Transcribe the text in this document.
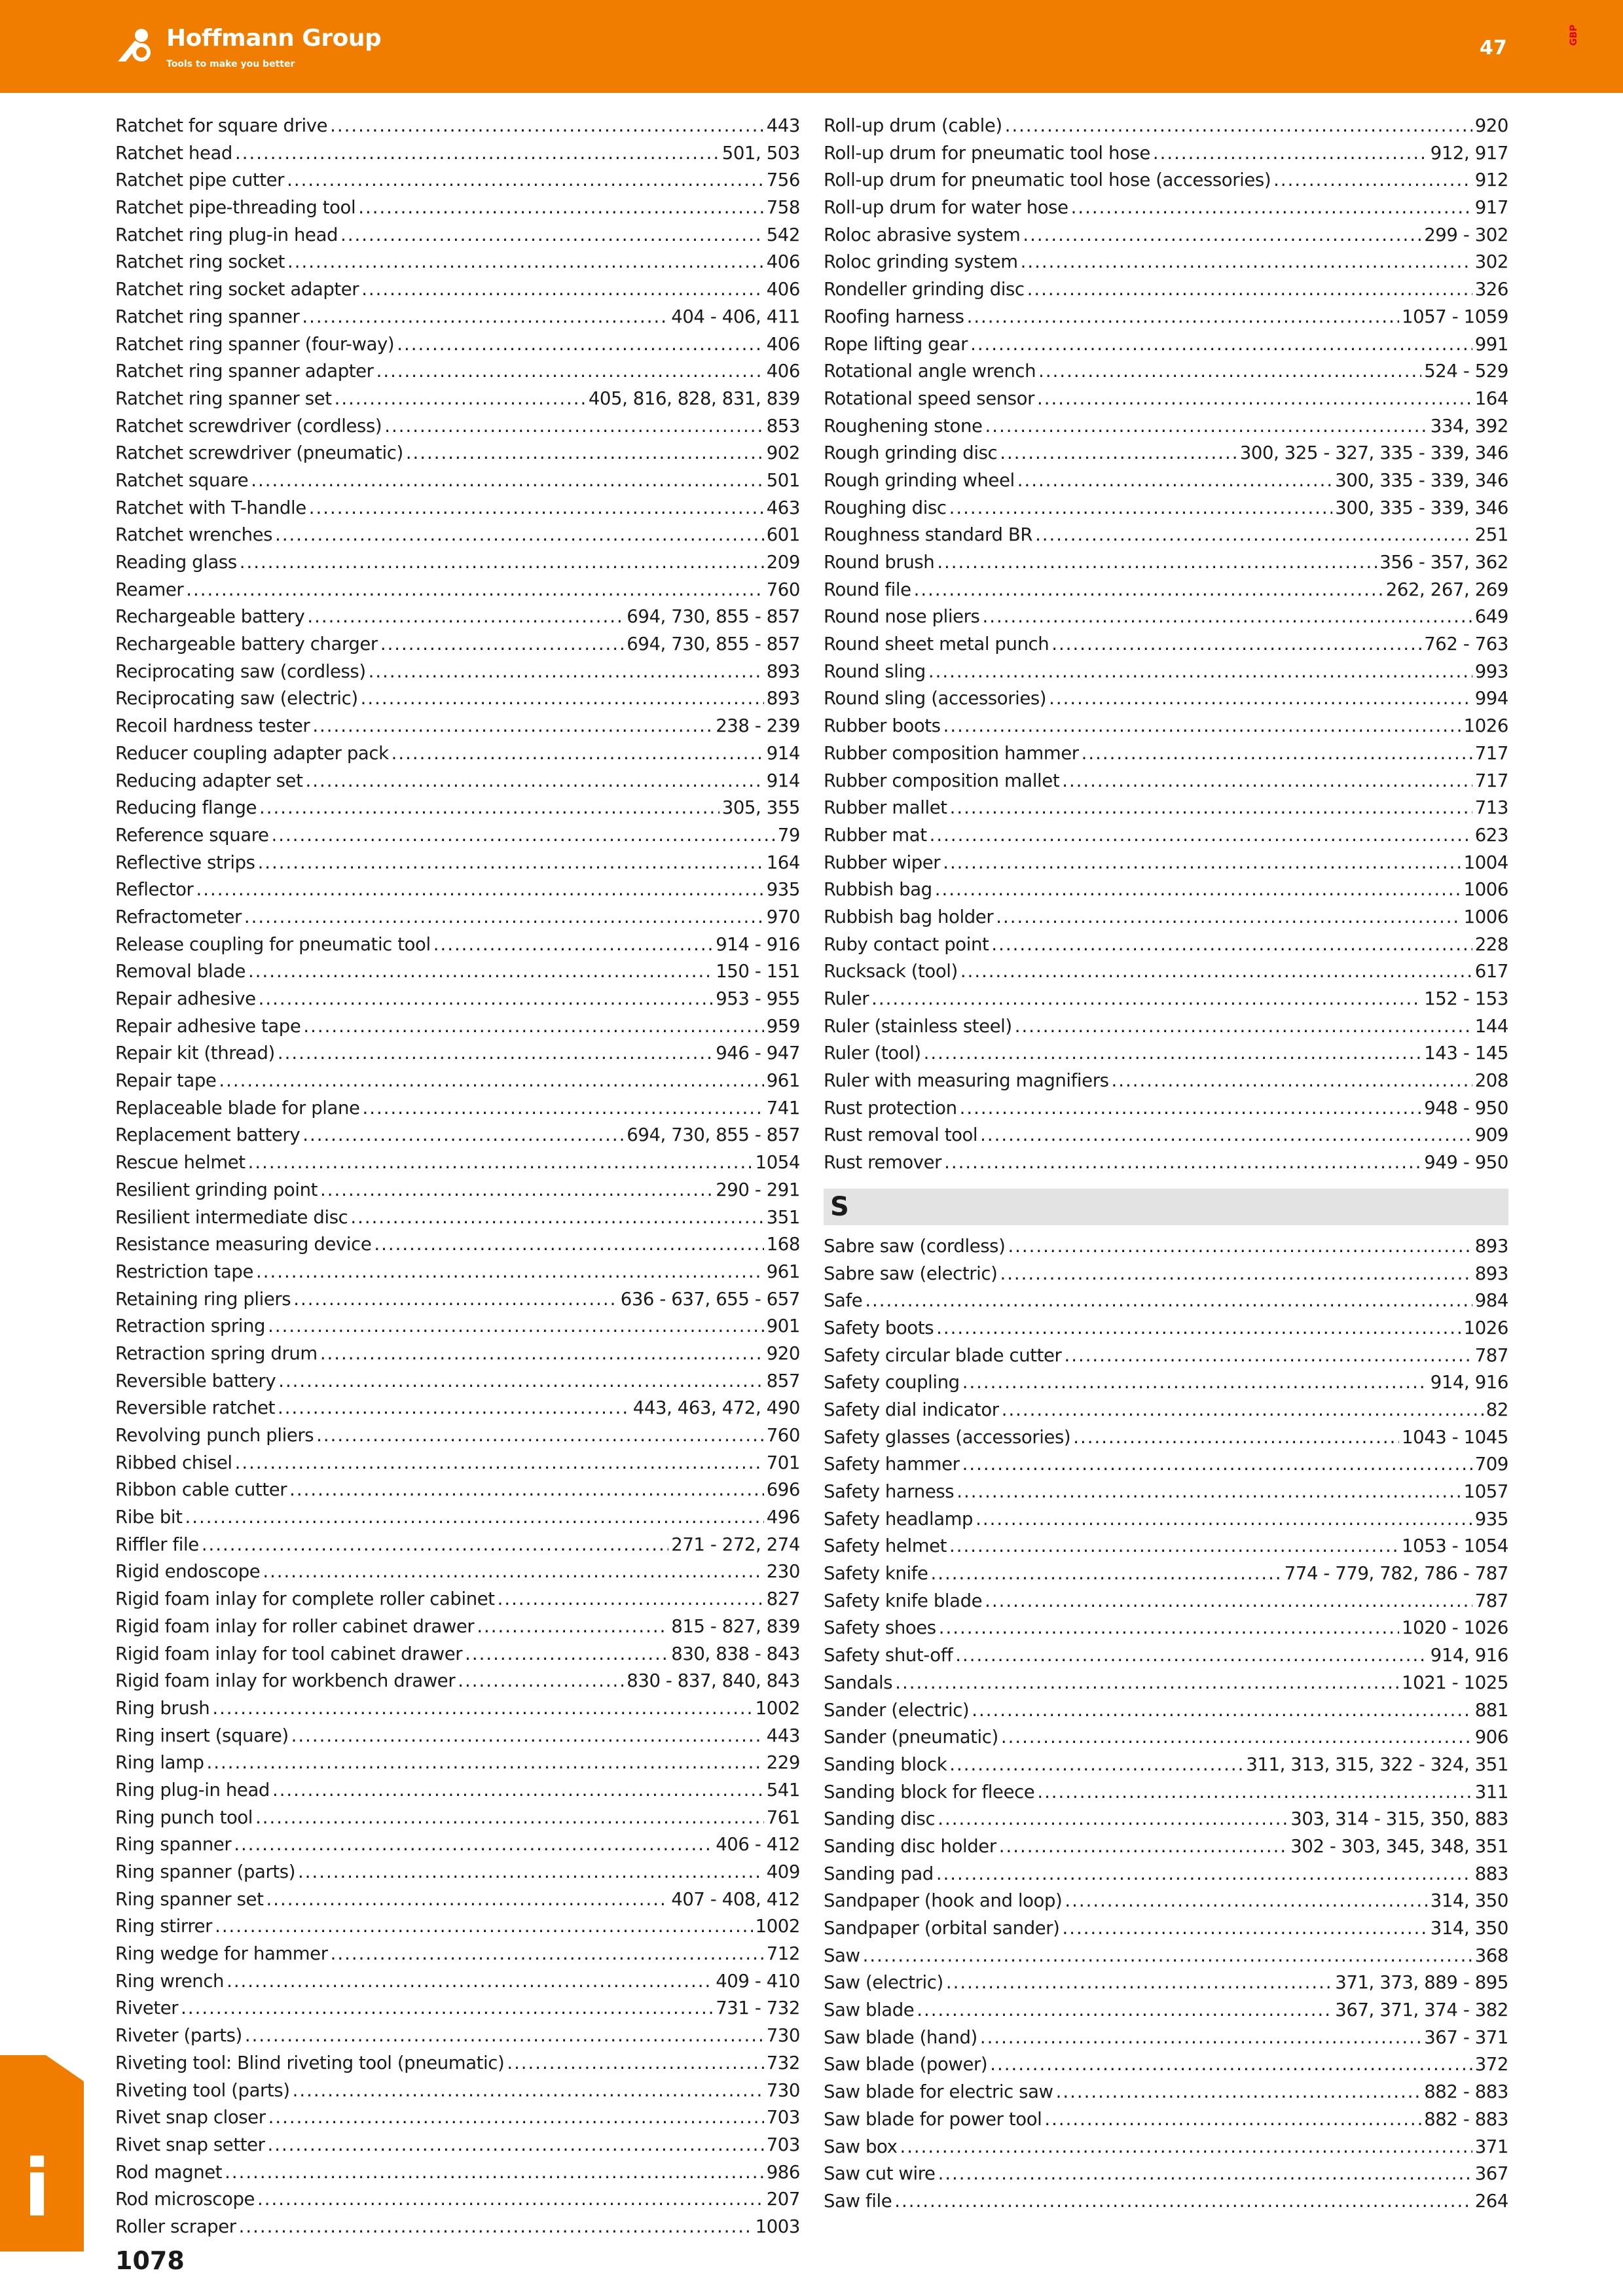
Hoffmann Group
Tools to make you better
47
GBP
Ratchet for square drive .....	443
Ratchet head .....	501, 503
Ratchet pipe cutter .....	756
Ratchet pipe-threading tool .....	758
Ratchet ring plug-in head .....	542
Ratchet ring socket .....	406
Ratchet ring socket adapter .....	406
Ratchet ring spanner .....	404 - 406, 411
Ratchet ring spanner (four-way) .....	406
Ratchet ring spanner adapter .....	406
Ratchet ring spanner set .....	405, 816, 828, 831, 839
Ratchet screwdriver (cordless) .....	853
Ratchet screwdriver (pneumatic) .....	902
Ratchet square .....	501
Ratchet with T-handle .....	463
Ratchet wrenches .....	601
Reading glass .....	209
Reamer .....	760
Rechargeable battery .....	694, 730, 855 - 857
Rechargeable battery charger .....	694, 730, 855 - 857
Reciprocating saw (cordless) .....	893
Reciprocating saw (electric) .....	893
Recoil hardness tester .....	238 - 239
Reducer coupling adapter pack .....	914
Reducing adapter set .....	914
Reducing flange .....	305, 355
Reference square .....	79
Reflective strips .....	164
Reflector .....	935
Refractometer .....	970
Release coupling for pneumatic tool .....	914 - 916
Removal blade .....	150 - 151
Repair adhesive .....	953 - 955
Repair adhesive tape .....	959
Repair kit (thread) .....	946 - 947
Repair tape .....	961
Replaceable blade for plane .....	741
Replacement battery .....	694, 730, 855 - 857
Rescue helmet .....	1054
Resilient grinding point .....	290 - 291
Resilient intermediate disc .....	351
Resistance measuring device .....	168
Restriction tape .....	961
Retaining ring pliers .....	636 - 637, 655 - 657
Retraction spring .....	901
Retraction spring drum .....	920
Reversible battery .....	857
Reversible ratchet .....	443, 463, 472, 490
Revolving punch pliers .....	760
Ribbed chisel .....	701
Ribbon cable cutter .....	696
Ribe bit .....	496
Riffler file .....	271 - 272, 274
Rigid endoscope .....	230
Rigid foam inlay for complete roller cabinet .....	827
Rigid foam inlay for roller cabinet drawer .....	815 - 827, 839
Rigid foam inlay for tool cabinet drawer .....	830, 838 - 843
Rigid foam inlay for workbench drawer .....	830 - 837, 840, 843
Ring brush .....	1002
Ring insert (square) .....	443
Ring lamp .....	229
Ring plug-in head .....	541
Ring punch tool .....	761
Ring spanner .....	406 - 412
Ring spanner (parts) .....	409
Ring spanner set .....	407 - 408, 412
Ring stirrer .....	1002
Ring wedge for hammer .....	712
Ring wrench .....	409 - 410
Riveter .....	731 - 732
Riveter (parts) .....	730
Riveting tool: Blind riveting tool (pneumatic) .....	732
Riveting tool (parts) .....	730
Rivet snap closer .....	703
Rivet snap setter .....	703
Rod magnet .....	986
Rod microscope .....	207
Roller scraper .....	1003
Roll-up drum (cable) .....	920
Roll-up drum for pneumatic tool hose .....	912, 917
Roll-up drum for pneumatic tool hose (accessories) .....	912
Roll-up drum for water hose .....	917
Roloc abrasive system .....	299 - 302
Roloc grinding system .....	302
Rondeller grinding disc .....	326
Roofing harness .....	1057 - 1059
Rope lifting gear .....	991
Rotational angle wrench .....	524 - 529
Rotational speed sensor .....	164
Roughening stone .....	334, 392
Rough grinding disc .....	300, 325 - 327, 335 - 339, 346
Rough grinding wheel .....	300, 335 - 339, 346
Roughing disc .....	300, 335 - 339, 346
Roughness standard BR .....	251
Round brush .....	356 - 357, 362
Round file .....	262, 267, 269
Round nose pliers .....	649
Round sheet metal punch .....	762 - 763
Round sling .....	993
Round sling (accessories) .....	994
Rubber boots .....	1026
Rubber composition hammer .....	717
Rubber composition mallet .....	717
Rubber mallet .....	713
Rubber mat .....	623
Rubber wiper .....	1004
Rubbish bag .....	1006
Rubbish bag holder .....	1006
Ruby contact point .....	228
Rucksack (tool) .....	617
Ruler .....	152 - 153
Ruler (stainless steel) .....	144
Ruler (tool) .....	143 - 145
Ruler with measuring magnifiers .....	208
Rust protection .....	948 - 950
Rust removal tool .....	909
Rust remover .....	949 - 950
S
Sabre saw (cordless) .....	893
Sabre saw (electric) .....	893
Safe .....	984
Safety boots .....	1026
Safety circular blade cutter .....	787
Safety coupling .....	914, 916
Safety dial indicator .....	82
Safety glasses (accessories) .....	1043 - 1045
Safety hammer .....	709
Safety harness .....	1057
Safety headlamp .....	935
Safety helmet .....	1053 - 1054
Safety knife .....	774 - 779, 782, 786 - 787
Safety knife blade .....	787
Safety shoes .....	1020 - 1026
Safety shut-off .....	914, 916
Sandals .....	1021 - 1025
Sander (electric) .....	881
Sander (pneumatic) .....	906
Sanding block .....	311, 313, 315, 322 - 324, 351
Sanding block for fleece .....	311
Sanding disc .....	303, 314 - 315, 350, 883
Sanding disc holder .....	302 - 303, 345, 348, 351
Sanding pad .....	883
Sandpaper (hook and loop) .....	314, 350
Sandpaper (orbital sander) .....	314, 350
Saw .....	368
Saw (electric) .....	371, 373, 889 - 895
Saw blade .....	367, 371, 374 - 382
Saw blade (hand) .....	367 - 371
Saw blade (power) .....	372
Saw blade for electric saw .....	882 - 883
Saw blade for power tool .....	882 - 883
Saw box .....	371
Saw cut wire .....	367
Saw file .....	264
i
1078
